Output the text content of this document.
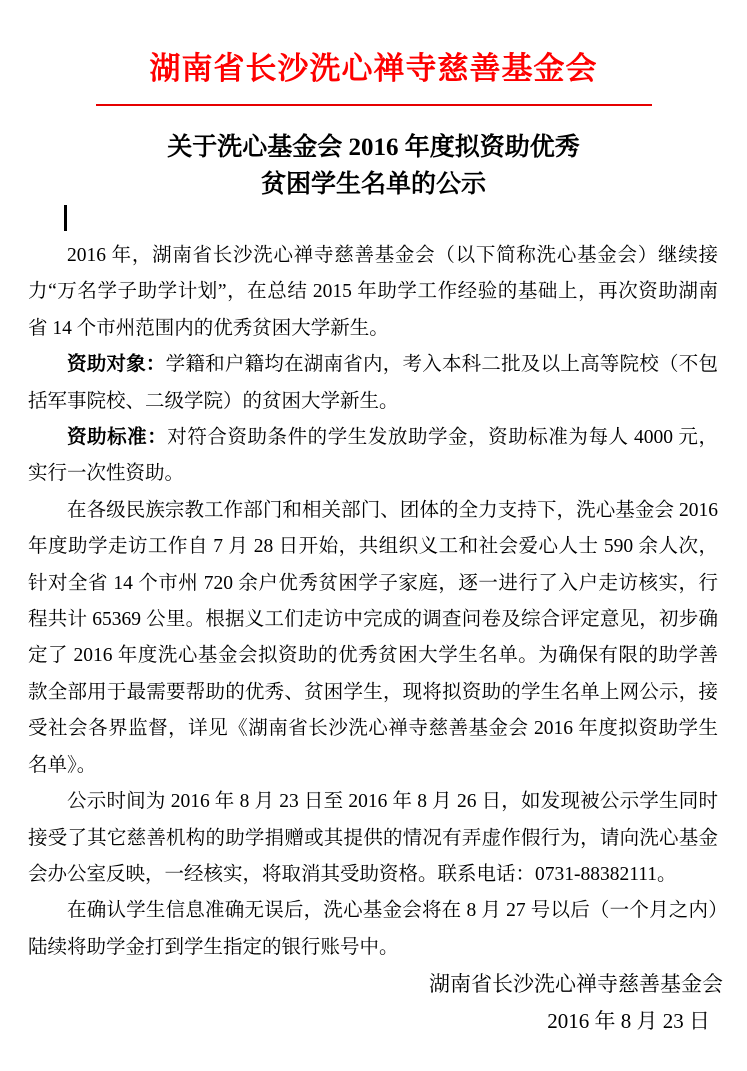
湖南省长沙洗心禅寺慈善基金会
关于洗心基金会 2016 年度拟资助优秀
贫困学生名单的公示

2016 年，湖南省长沙洗心禅寺慈善基金会（以下简称洗心基金会）继续接力“万名学子助学计划”，在总结 2015 年助学工作经验的基础上，再次资助湖南省 14 个市州范围内的优秀贫困大学新生。

资助对象：学籍和户籍均在湖南省内，考入本科二批及以上高等院校（不包括军事院校、二级学院）的贫困大学新生。

资助标准：对符合资助条件的学生发放助学金，资助标准为每人 4000 元，实行一次性资助。

在各级民族宗教工作部门和相关部门、团体的全力支持下，洗心基金会 2016 年度助学走访工作自 7 月 28 日开始，共组织义工和社会爱心人士 590 余人次，针对全省 14 个市州 720 余户优秀贫困学子家庭，逐一进行了入户走访核实，行程共计 65369 公里。根据义工们走访中完成的调查问卷及综合评定意见，初步确定了 2016 年度洗心基金会拟资助的优秀贫困大学生名单。为确保有限的助学善款全部用于最需要帮助的优秀、贫困学生，现将拟资助的学生名单上网公示，接受社会各界监督，详见《湖南省长沙洗心禅寺慈善基金会 2016 年度拟资助学生名单》。

公示时间为 2016 年 8 月 23 日至 2016 年 8 月 26 日，如发现被公示学生同时接受了其它慈善机构的助学捐赠或其提供的情况有弄虚作假行为，请向洗心基金会办公室反映，一经核实，将取消其受助资格。联系电话：0731-88382111。

在确认学生信息准确无误后，洗心基金会将在 8 月 27 号以后（一个月之内）陆续将助学金打到学生指定的银行账号中。

湖南省长沙洗心禅寺慈善基金会
2016 年 8 月 23 日
